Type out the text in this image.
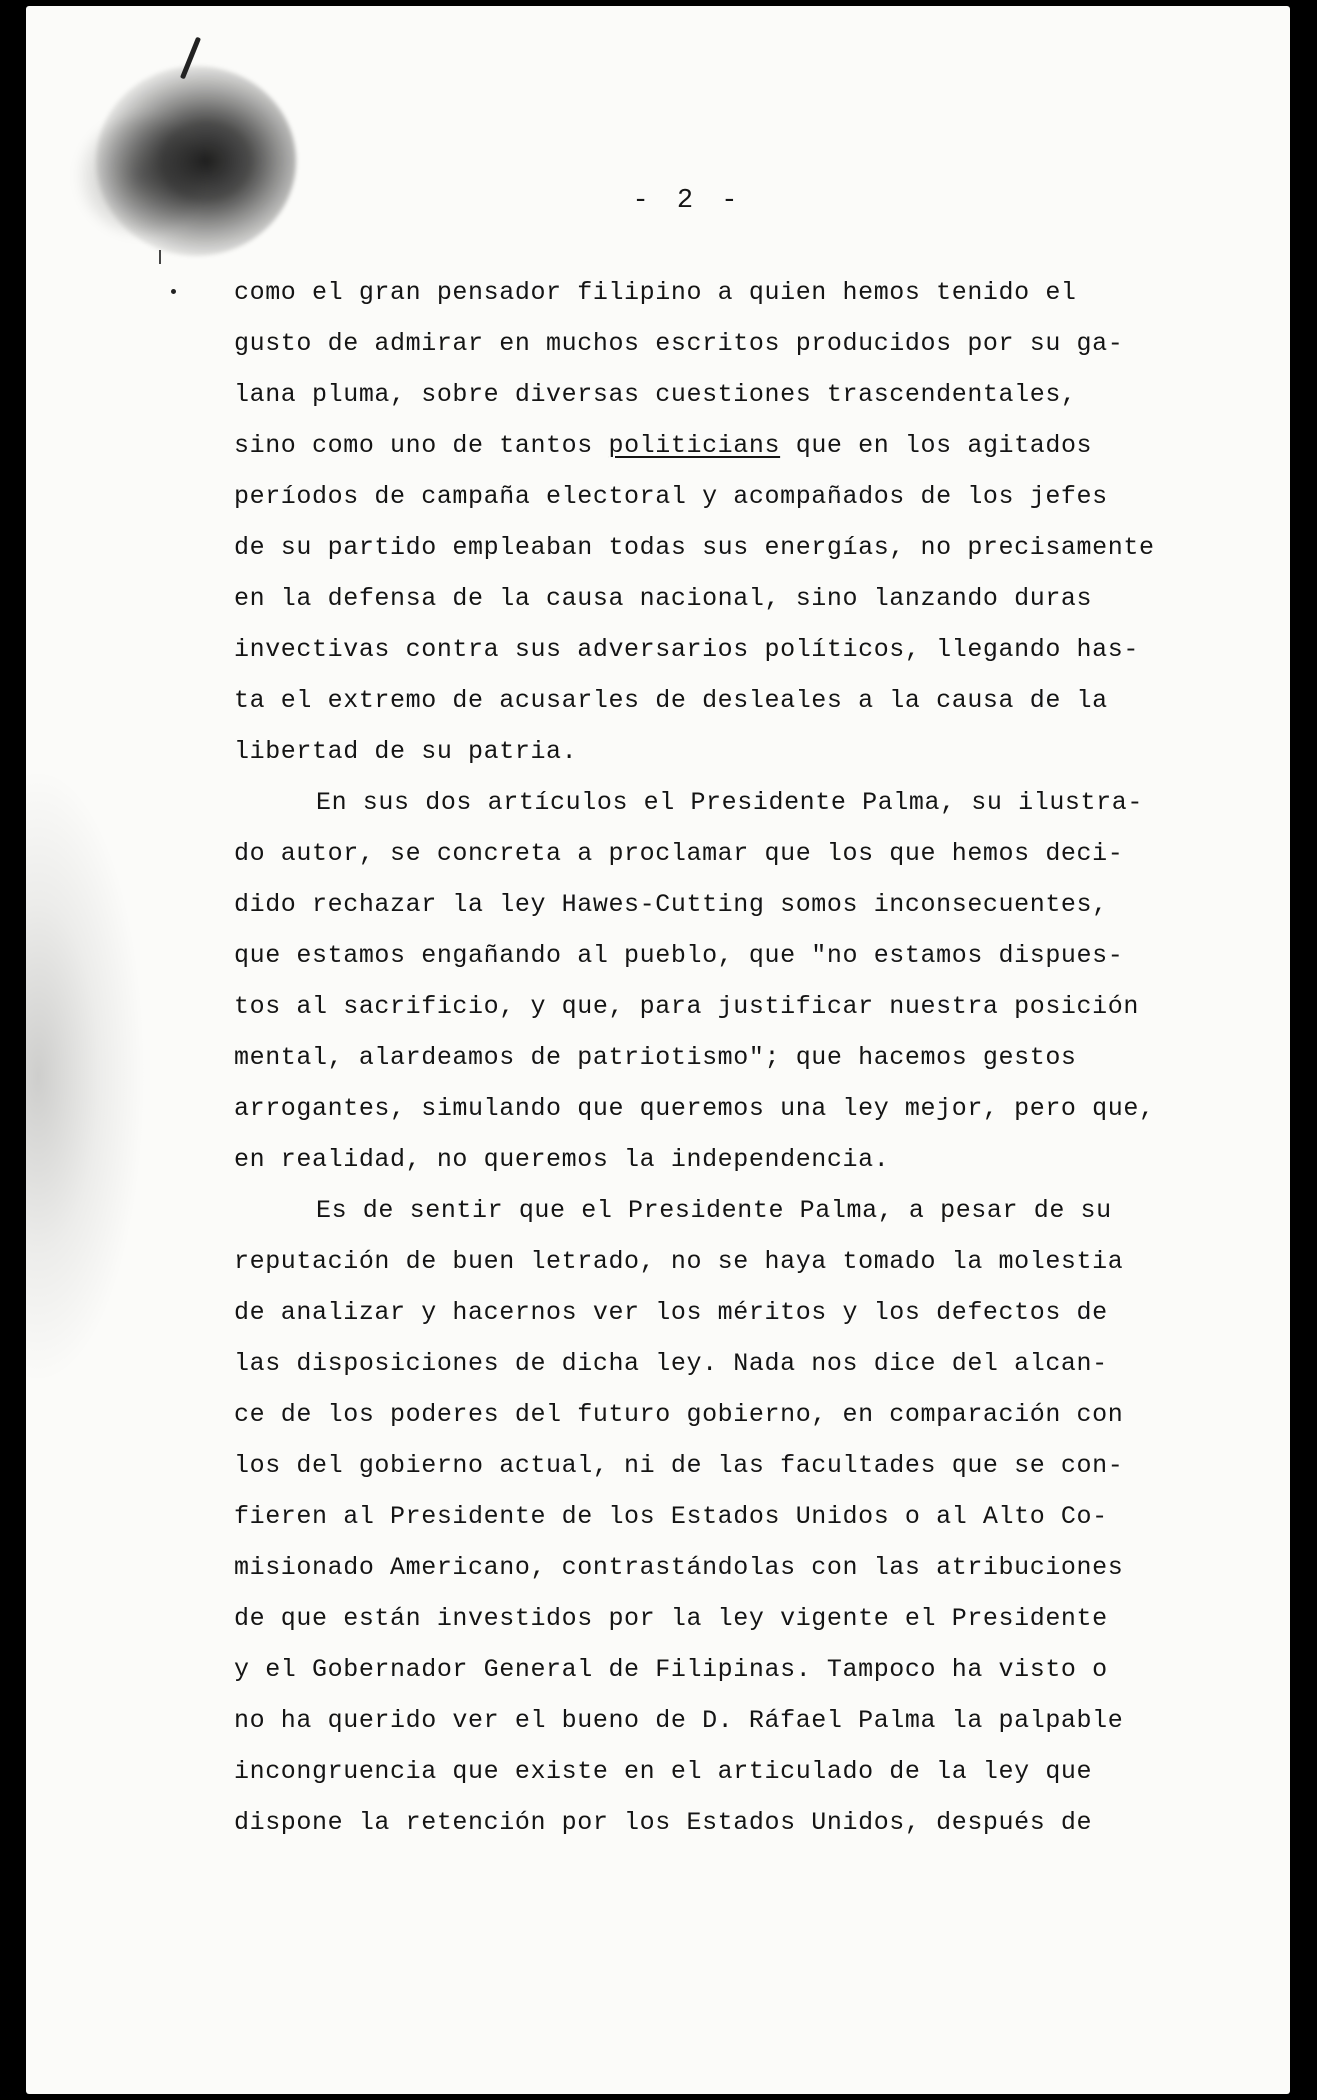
- 2 -
como el gran pensador filipino a quien hemos tenido el
gusto de admirar en muchos escritos producidos por su ga-
lana pluma, sobre diversas cuestiones trascendentales,
sino como uno de tantos politicians que en los agitados
períodos de campaña electoral y acompañados de los jefes
de su partido empleaban todas sus energías, no precisamente
en la defensa de la causa nacional, sino lanzando duras
invectivas contra sus adversarios políticos, llegando has-
ta el extremo de acusarles de desleales a la causa de la
libertad de su patria.
En sus dos artículos el Presidente Palma, su ilustra-
do autor, se concreta a proclamar que los que hemos deci-
dido rechazar la ley Hawes-Cutting somos inconsecuentes,
que estamos engañando al pueblo, que "no estamos dispues-
tos al sacrificio, y que, para justificar nuestra posición
mental, alardeamos de patriotismo"; que hacemos gestos
arrogantes, simulando que queremos una ley mejor, pero que,
en realidad, no queremos la independencia.
Es de sentir que el Presidente Palma, a pesar de su
reputación de buen letrado, no se haya tomado la molestia
de analizar y hacernos ver los méritos y los defectos de
las disposiciones de dicha ley. Nada nos dice del alcan-
ce de los poderes del futuro gobierno, en comparación con
los del gobierno actual, ni de las facultades que se con-
fieren al Presidente de los Estados Unidos o al Alto Co-
misionado Americano, contrastándolas con las atribuciones
de que están investidos por la ley vigente el Presidente
y el Gobernador General de Filipinas. Tampoco ha visto o
no ha querido ver el bueno de D. Ráfael Palma la palpable
incongruencia que existe en el articulado de la ley que
dispone la retención por los Estados Unidos, después de
